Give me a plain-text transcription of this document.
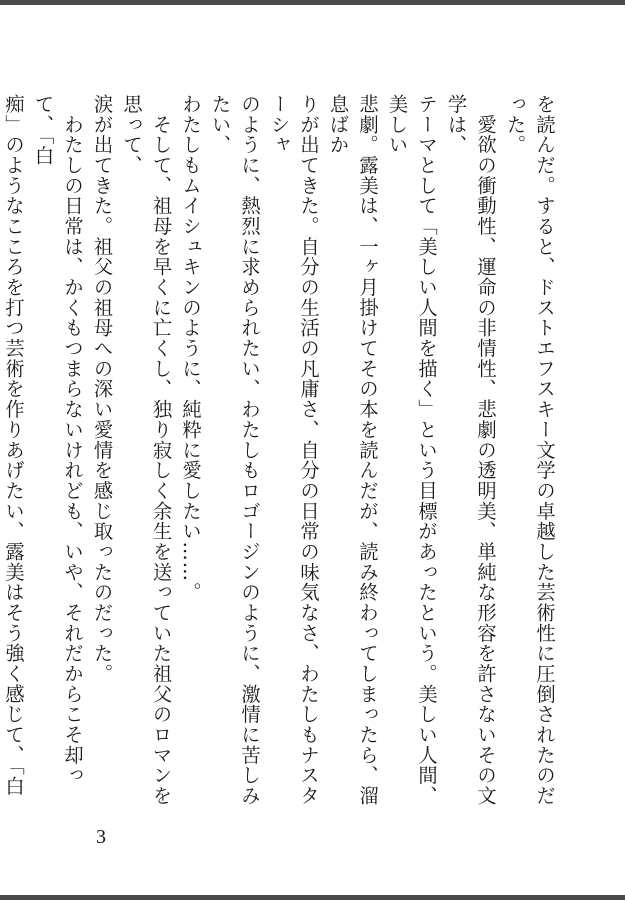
を読んだ。すると、ドストエフスキー文学の卓越した芸術性に圧倒されたのだった。

　愛欲の衝動性、運命の非情性、悲劇の透明美、単純な形容を許さないその文学は、
テーマとして「美しい人間を描く」という目標があったという。美しい人間、美しい
悲劇。露美は、一ヶ月掛けてその本を読んだが、読み終わってしまったら、溜息ばか
りが出てきた。自分の生活の凡庸さ、自分の日常の味気なさ、わたしもナスターシャ
のように、熱烈に求められたい、わたしもロゴージンのように、激情に苦しみたい、
わたしもムイシュキンのように、純粋に愛したい……。

　そして、祖母を早くに亡くし、独り寂しく余生を送っていた祖父のロマンを思って、
涙が出てきた。祖父の祖母への深い愛情を感じ取ったのだった。

　わたしの日常は、かくもつまらないけれども、いや、それだからこそ却って、「白
痴」のようなこころを打つ芸術を作りあげたい、露美はそう強く感じて、「白

3
